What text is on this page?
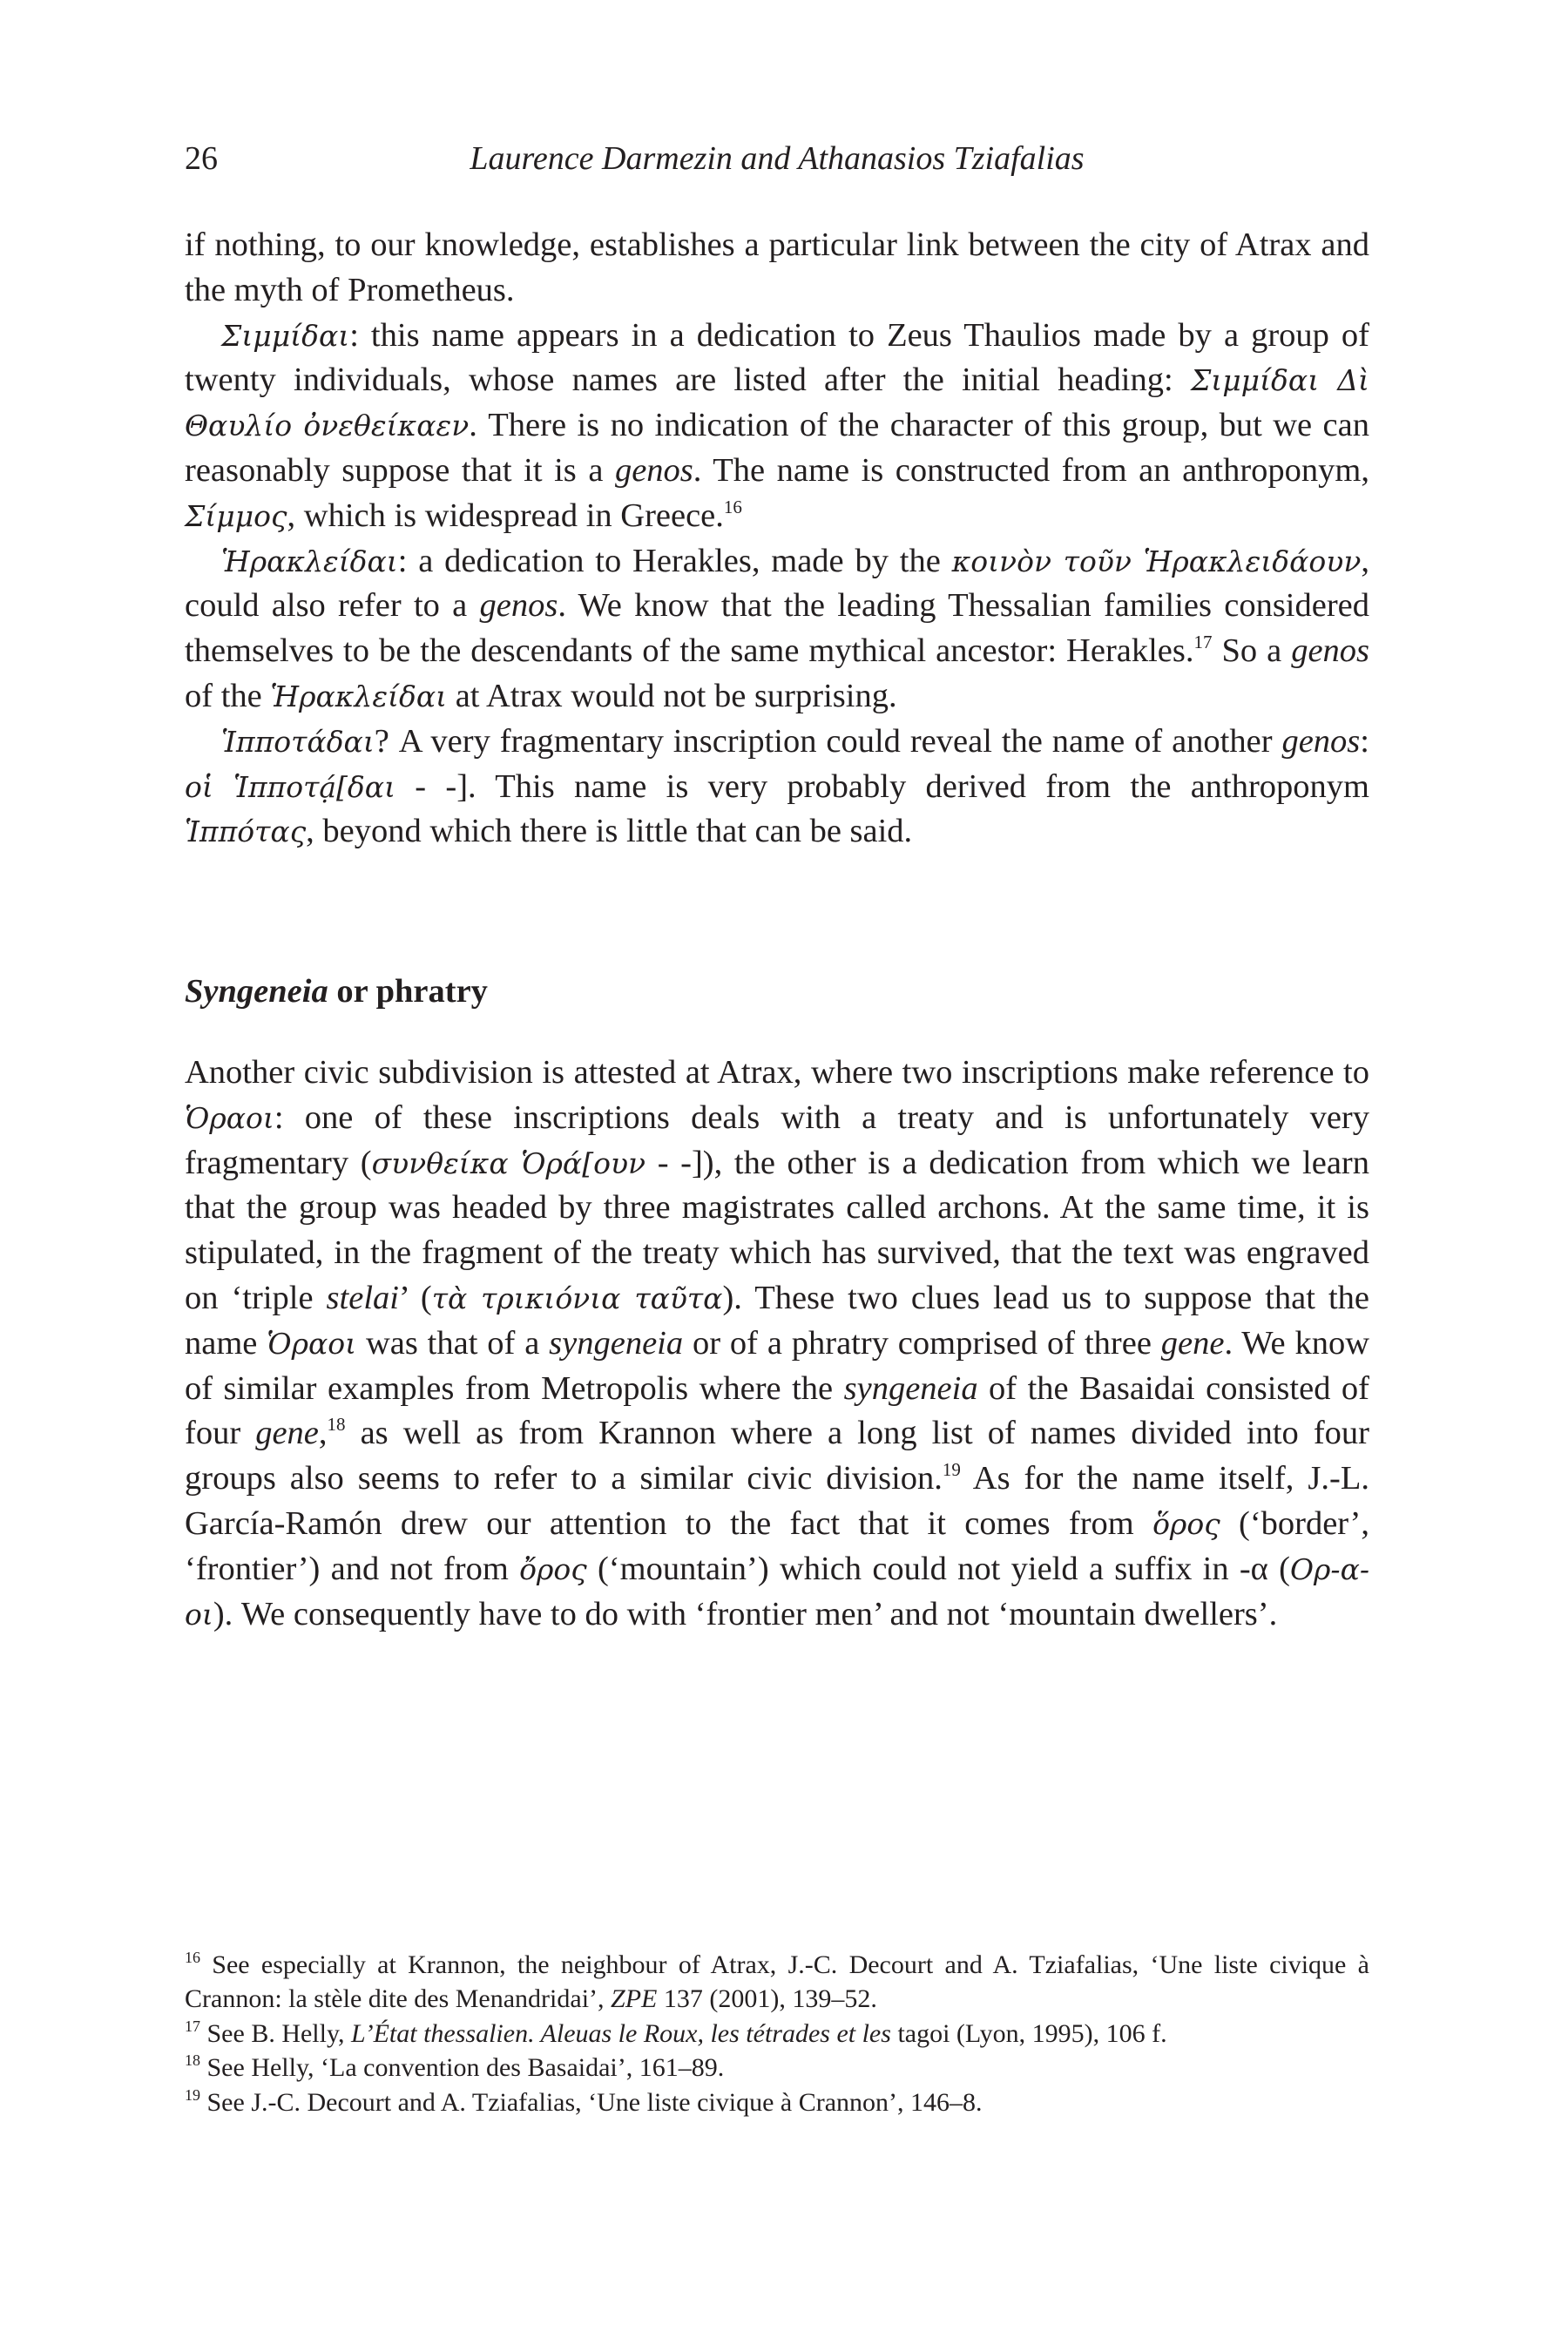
26	Laurence Darmezin and Athanasios Tziafalias

if nothing, to our knowledge, establishes a particular link between the city of Atrax and the myth of Prometheus.

Σιμμίδαι: this name appears in a dedication to Zeus Thaulios made by a group of twenty individuals, whose names are listed after the initial heading: Σιμμίδαι Δὶ Θαυλίο ὀνεθείκαεν. There is no indication of the character of this group, but we can reasonably suppose that it is a genos. The name is constructed from an anthroponym, Σίμμος, which is widespread in Greece.$^{16}$

Ἡρακλείδαι: a dedication to Herakles, made by the κοινὸν τοῦν Ἡρακλειδάουν, could also refer to a genos. We know that the leading Thessalian families considered themselves to be the descendants of the same mythical ancestor: Herakles.$^{17}$ So a genos of the Ἡρακλείδαι at Atrax would not be surprising.

Ἱπποτάδαι? A very fragmentary inscription could reveal the name of another genos: οἱ Ἱπποτạ́[δαι - -]. This name is very probably derived from the anthroponym Ἱππότας, beyond which there is little that can be said.

Syngeneia or phratry

Another civic subdivision is attested at Atrax, where two inscriptions make reference to Ὁραοι: one of these inscriptions deals with a treaty and is unfortunately very fragmentary (συνθείκα Ὁρά[ουν - -]), the other is a dedication from which we learn that the group was headed by three magistrates called archons. At the same time, it is stipulated, in the fragment of the treaty which has survived, that the text was engraved on ‘triple stelai’ (τὰ τρικιόνια ταῦτα). These two clues lead us to suppose that the name Ὁραοι was that of a syngeneia or of a phratry comprised of three gene. We know of similar examples from Metropolis where the syngeneia of the Basaidai consisted of four gene,$^{18}$ as well as from Krannon where a long list of names divided into four groups also seems to refer to a similar civic division.$^{19}$ As for the name itself, J.-L. García-Ramón drew our attention to the fact that it comes from ὅρος (‘border’, ‘frontier’) and not from ὄρος (‘mountain’) which could not yield a suffix in -α (Ορ-α-οι). We consequently have to do with ‘frontier men’ and not ‘mountain dwellers’.

$^{16}$ See especially at Krannon, the neighbour of Atrax, J.-C. Decourt and A. Tziafalias, ‘Une liste civique à Crannon: la stèle dite des Menandridai’, ZPE 137 (2001), 139–52.

$^{17}$ See B. Helly, L’État thessalien. Aleuas le Roux, les tétrades et les tagoi (Lyon, 1995), 106 f.

$^{18}$ See Helly, ‘La convention des Basaidai’, 161–89.

$^{19}$ See J.-C. Decourt and A. Tziafalias, ‘Une liste civique à Crannon’, 146–8.
